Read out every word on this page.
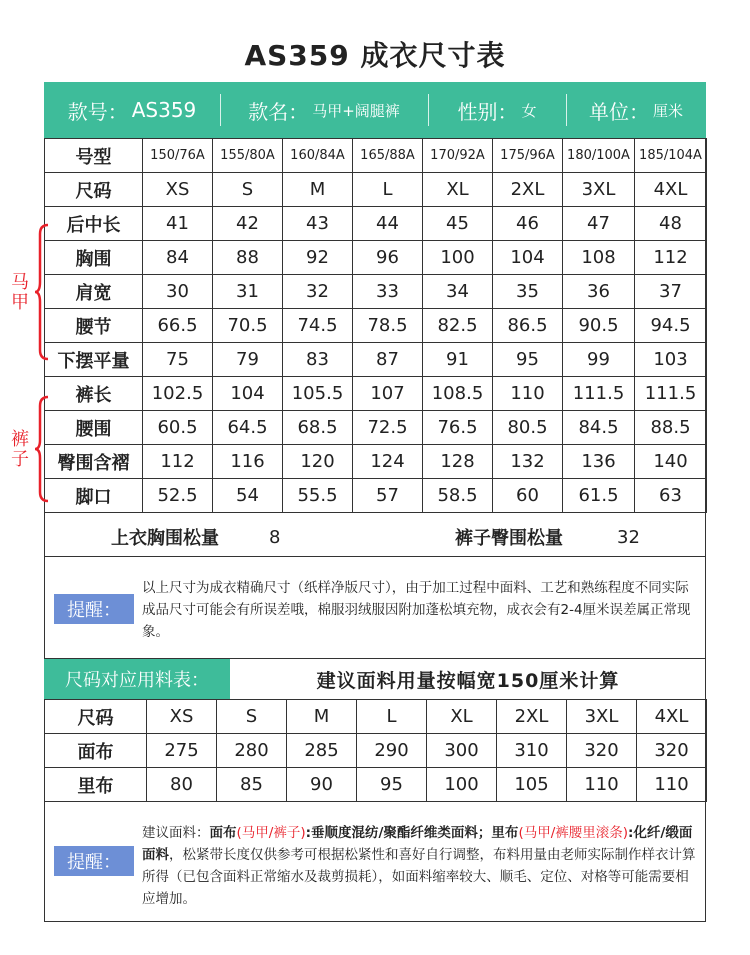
AS359 成衣尺寸表
款号： AS359	款名： 马甲+阔腿裤	性别： 女	单位： 厘米
号型	150/76A	155/80A	160/84A	165/88A	170/92A	175/96A	180/100A	185/104A
尺码	XS	S	M	L	XL	2XL	3XL	4XL
后中长	41	42	43	44	45	46	47	48
胸围	84	88	92	96	100	104	108	112
肩宽	30	31	32	33	34	35	36	37
腰节	66.5	70.5	74.5	78.5	82.5	86.5	90.5	94.5
下摆平量	75	79	83	87	91	95	99	103
裤长	102.5	104	105.5	107	108.5	110	111.5	111.5
腰围	60.5	64.5	68.5	72.5	76.5	80.5	84.5	88.5
臀围含褶	112	116	120	124	128	132	136	140
脚口	52.5	54	55.5	57	58.5	60	61.5	63
马甲
裤子
上衣胸围松量	8	裤子臀围松量	32
提醒：
以上尺寸为成衣精确尺寸（纸样净版尺寸），由于加工过程中面料、工艺和熟练程度不同实际成品尺寸可能会有所误差哦，棉服羽绒服因附加蓬松填充物，成衣会有2-4厘米误差属正常现象。
尺码对应用料表：	建议面料用量按幅宽150厘米计算
尺码	XS	S	M	L	XL	2XL	3XL	4XL
面布	275	280	285	290	300	310	320	320
里布	80	85	90	95	100	105	110	110
提醒：
建议面料：面布(马甲/裤子):垂顺度混纺/聚酯纤维类面料；里布(马甲/裤腰里滚条):化纤/缎面面料，松紧带长度仅供参考可根据松紧性和喜好自行调整，布料用量由老师实际制作样衣计算所得（已包含面料正常缩水及裁剪损耗），如面料缩率较大、顺毛、定位、对格等可能需要相应增加。
